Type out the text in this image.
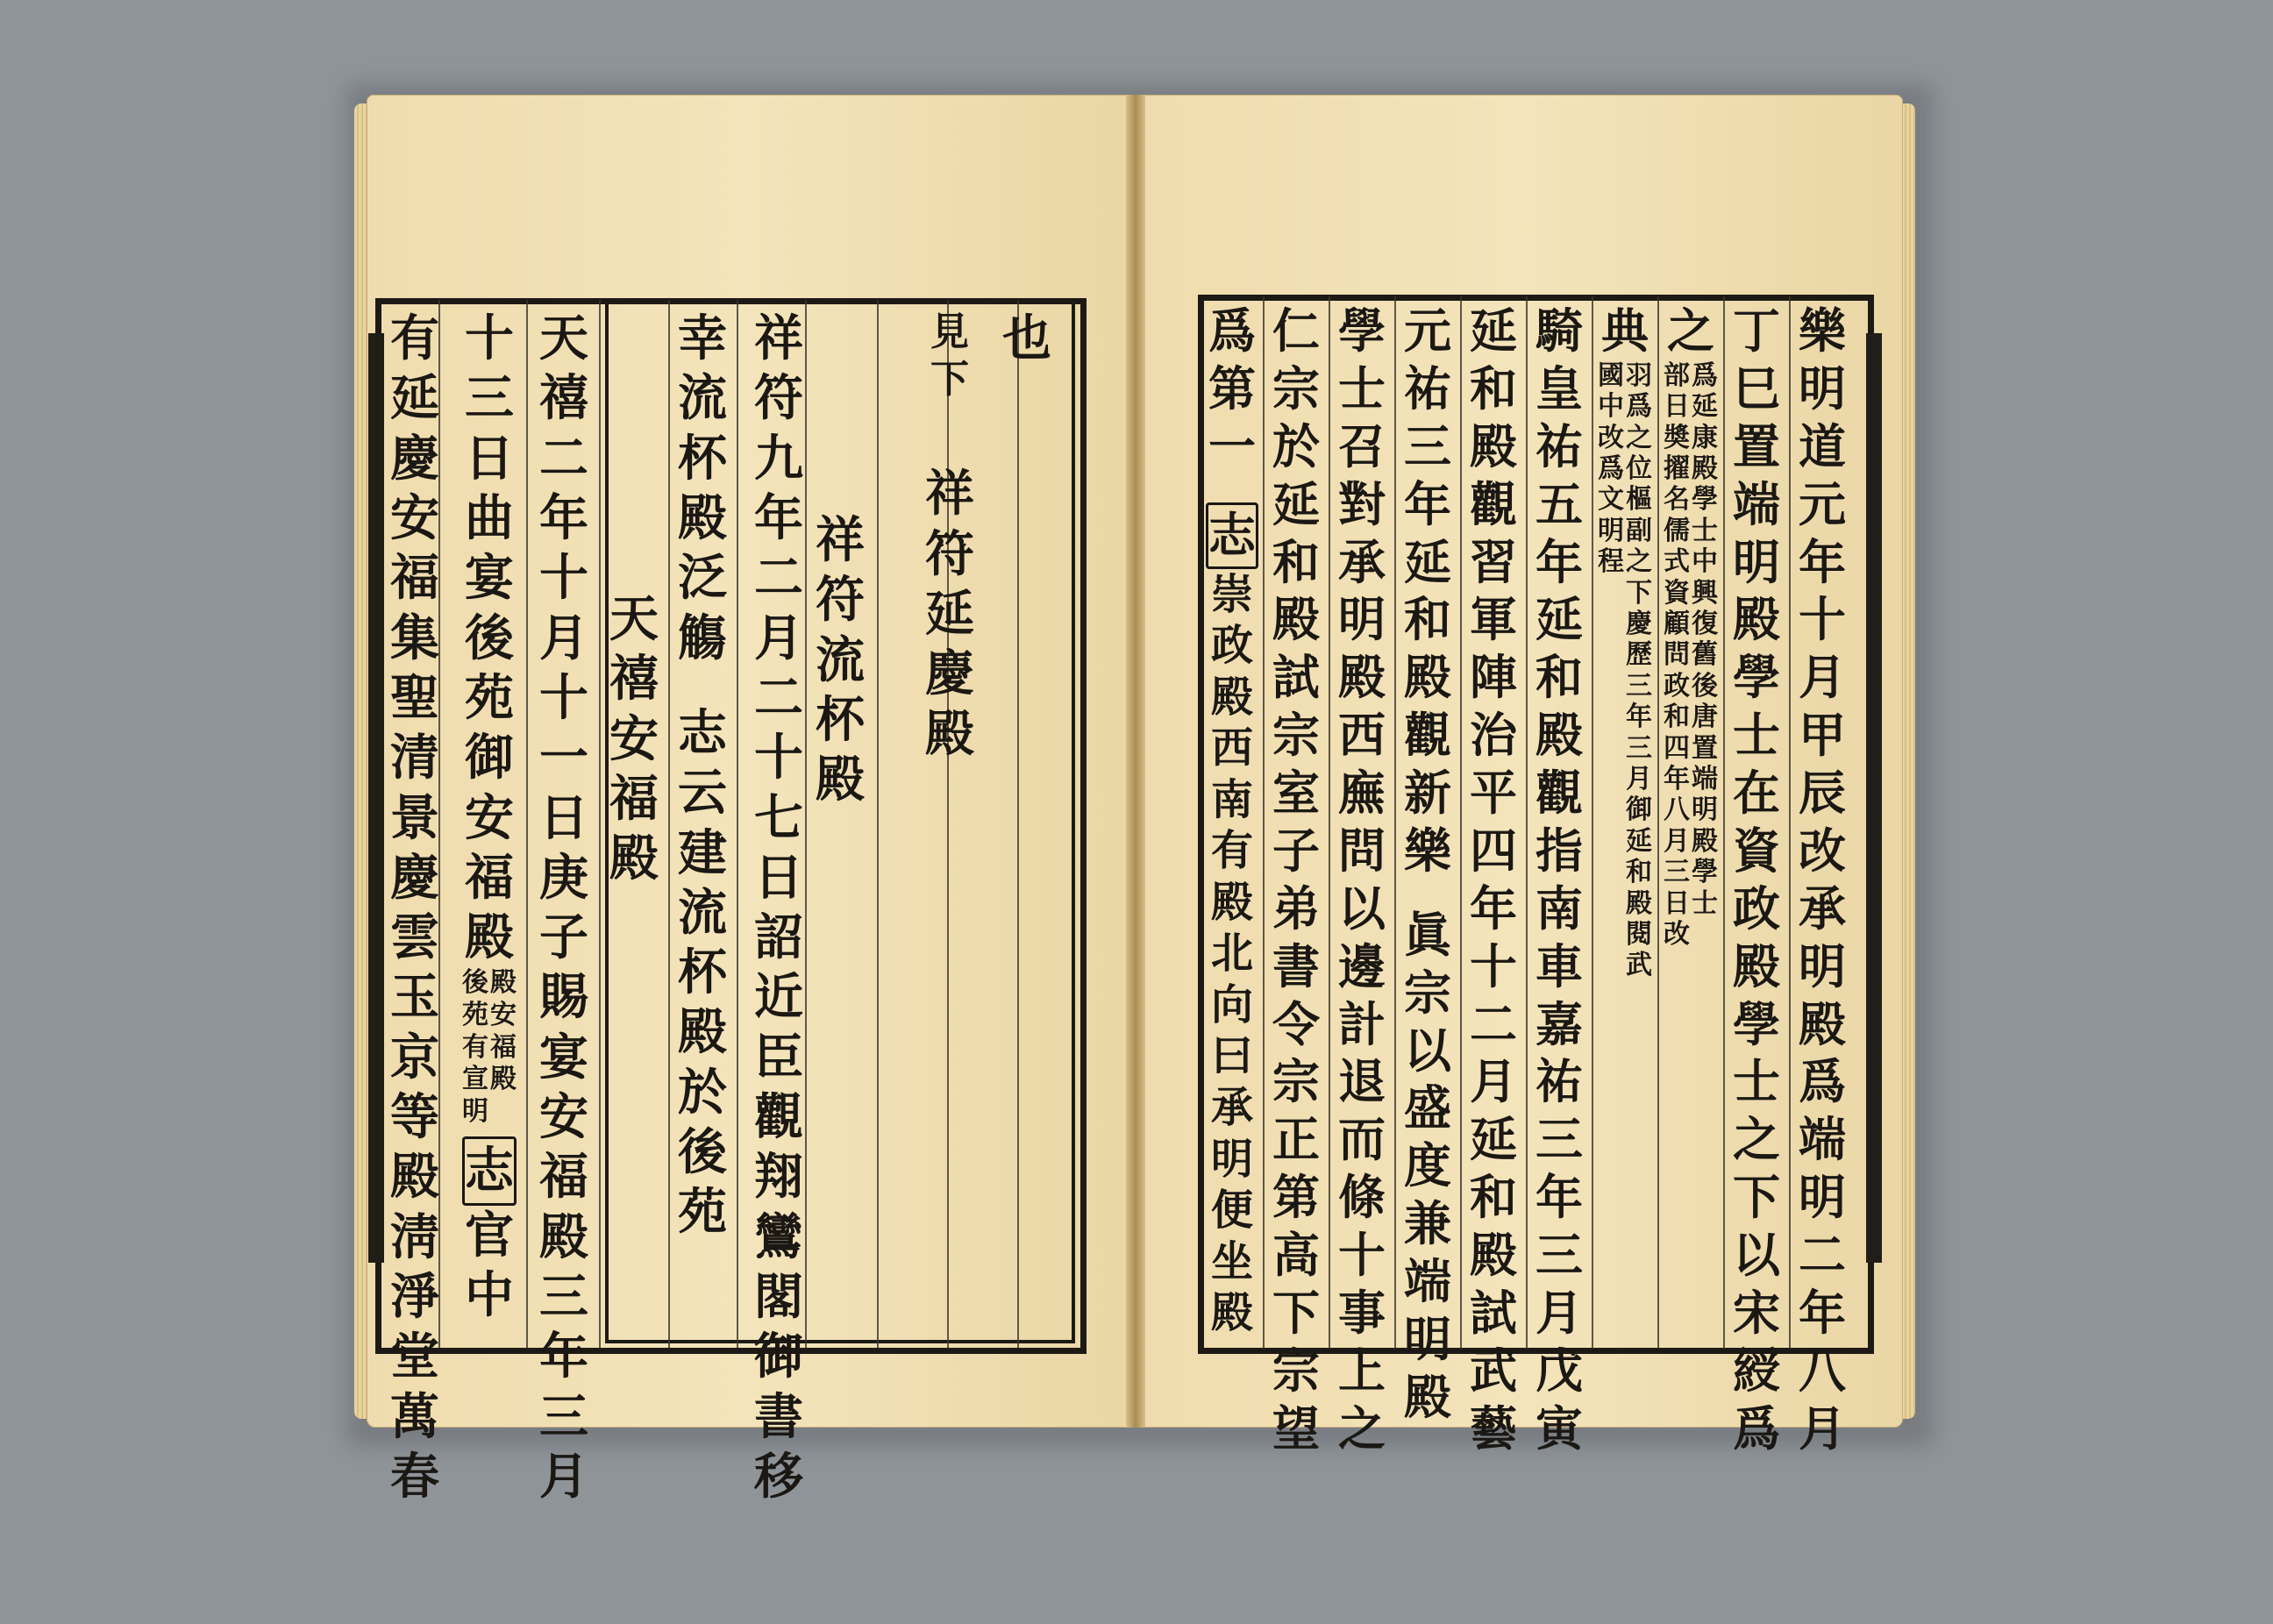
也
見下
祥符延慶殿
祥符九年二月二十七日詔近臣觀翔鸞閣御書移
祥符流杯殿
幸流杯殿泛觴
志云建流杯殿於後苑
天禧安福殿
天禧二年十月十一日庚子賜宴安福殿三年三月
十三日曲宴後苑御安福殿
後苑有宣明
殿安福殿
志
官中
有延慶安福集聖清景慶雲玉京等殿淸淨堂萬春
樂明道元年十月甲辰改承明殿爲端明二年八月
丁巳置端明殿學士在資政殿學士之下以宋綬爲
之
部日奬擢名儒式資顧問政和四年八月三日改
爲延康殿學士中興復舊後唐置端明殿學士
典
國中改爲文明程
羽爲之位樞副之下慶歷三年三月御延和殿閱武
騎皇祐五年延和殿觀指南車嘉祐三年三月戊寅
延和殿觀習軍陣治平四年十二月延和殿試武藝
元祐三年延和殿觀新樂
眞宗以盛度兼端明殿
學士召對承明殿西廡問以邊計退而條十事上之
仁宗於延和殿試宗室子弟書令宗正第高下宗望
爲第一
志
崇政殿西南有殿北向曰承明便坐殿
